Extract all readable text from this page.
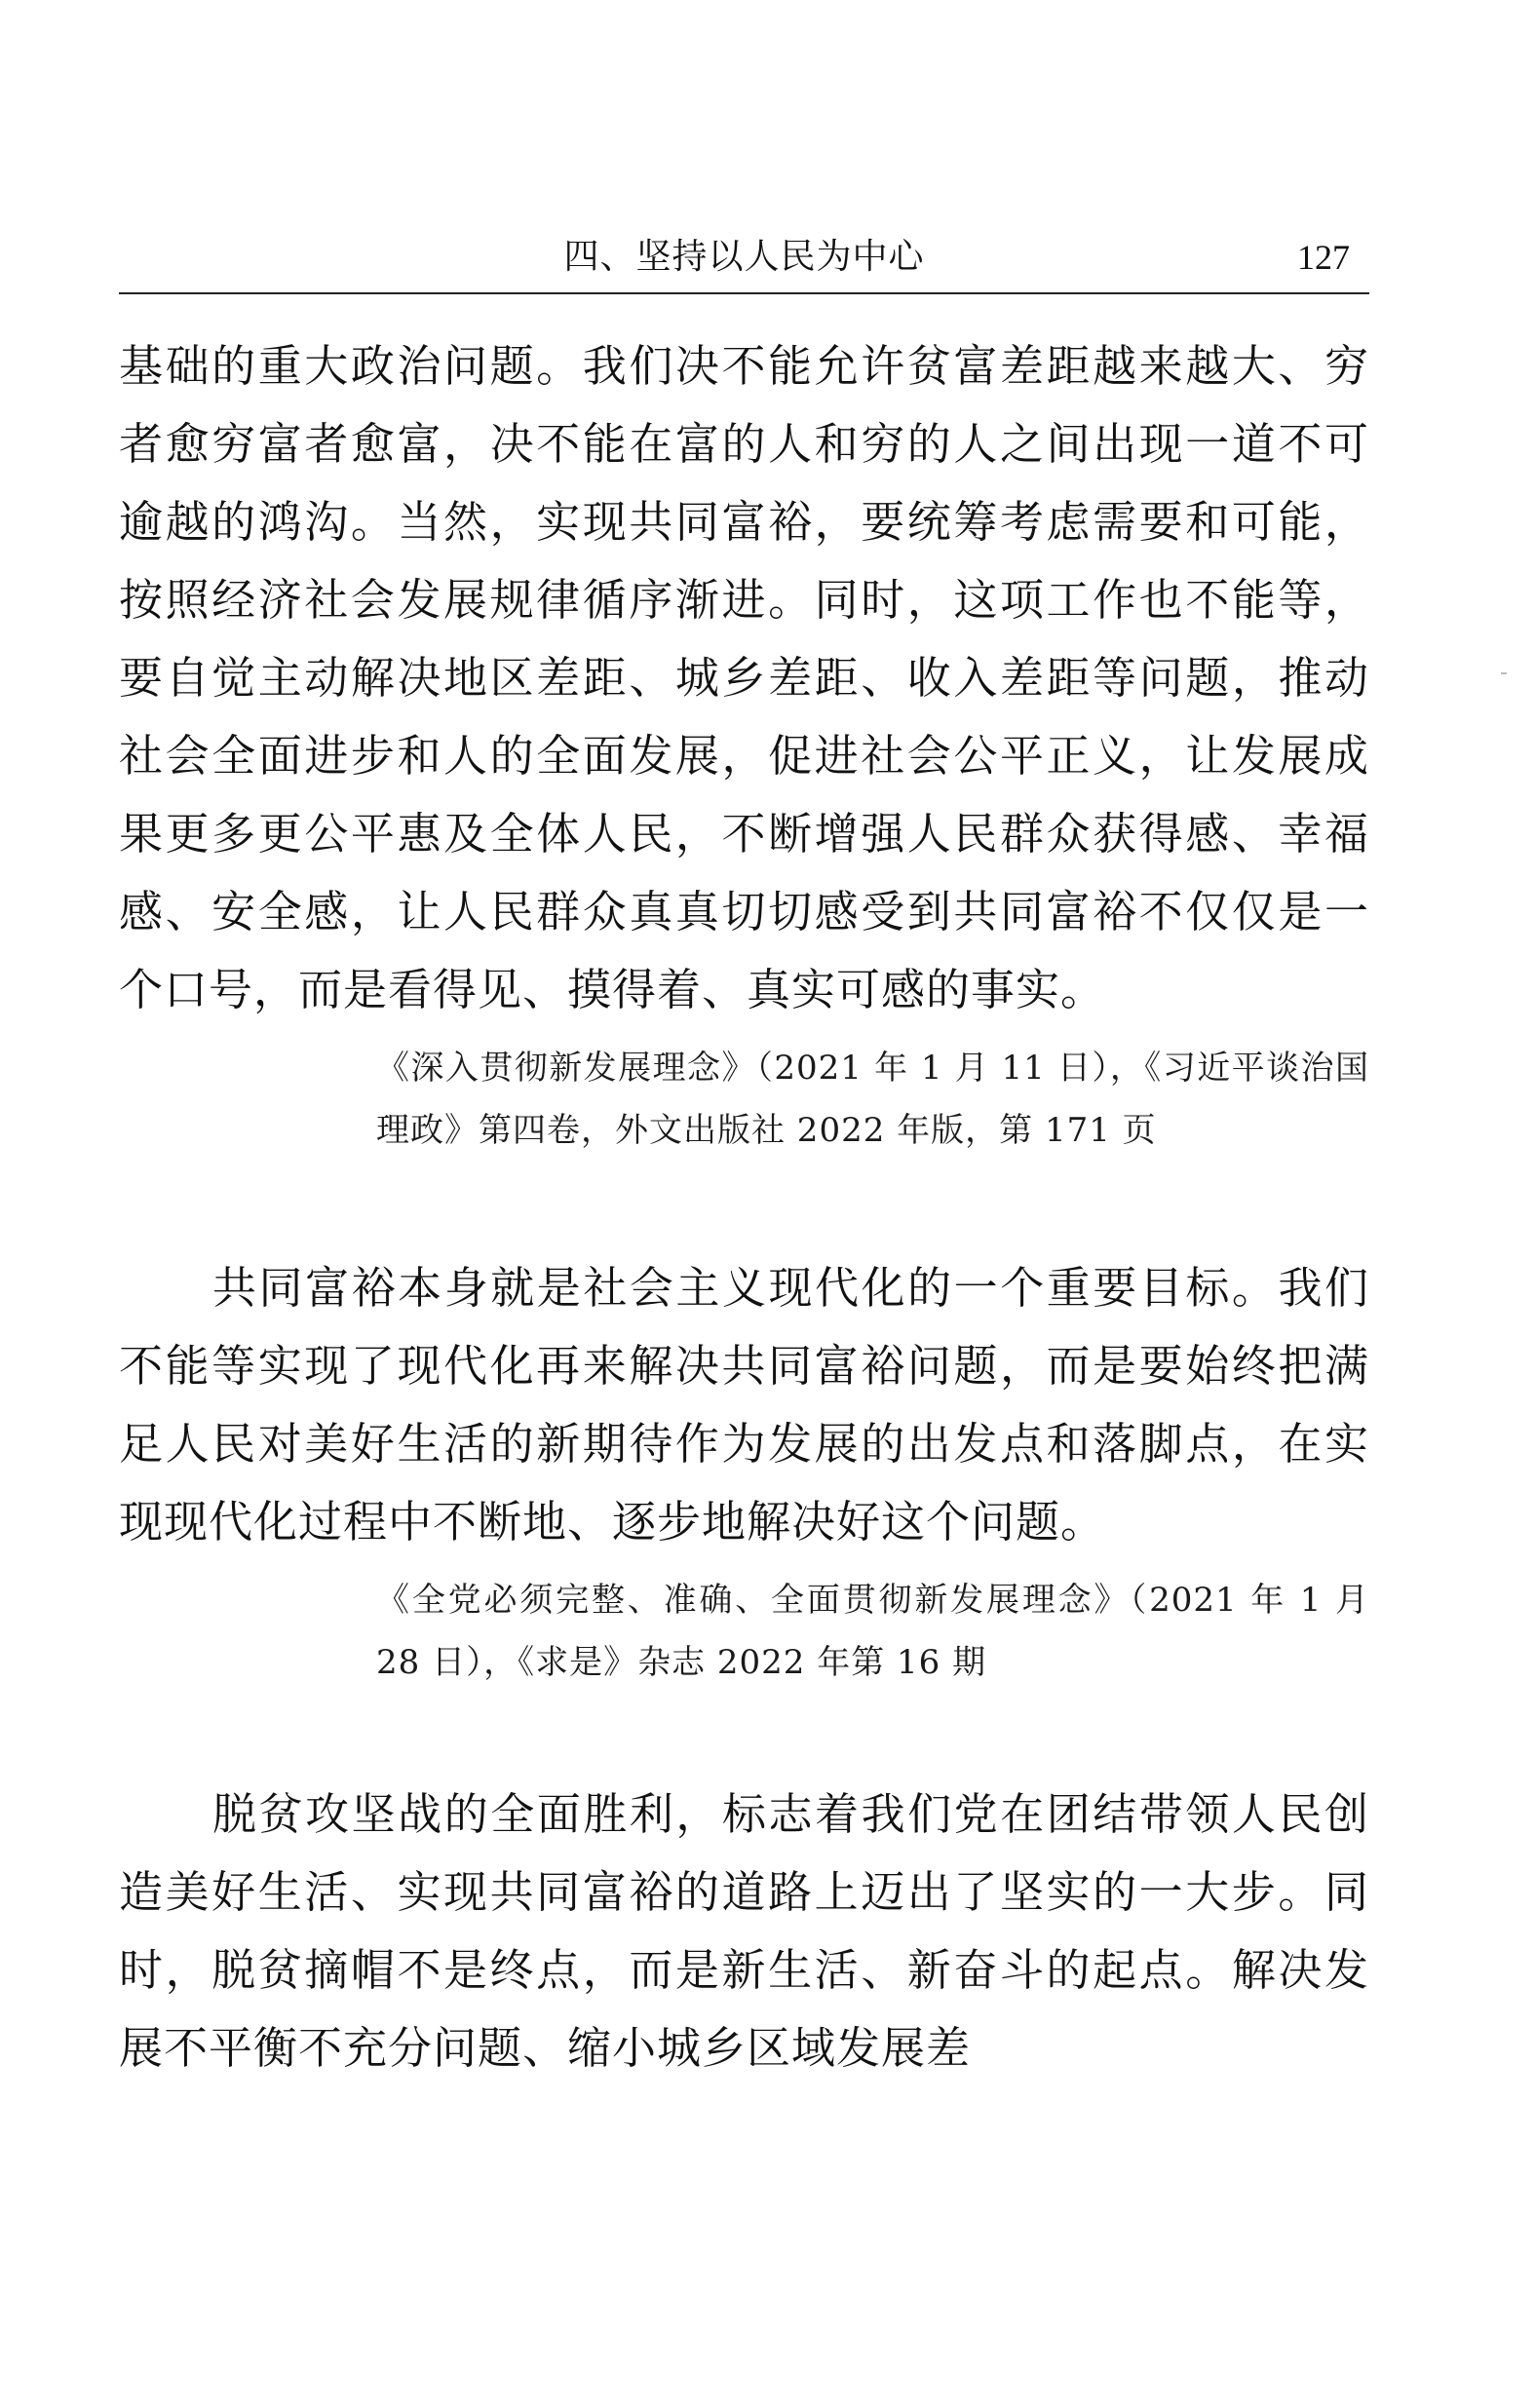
四、坚持以人民为中心	127

基础的重大政治问题。我们决不能允许贫富差距越来越大、穷者愈穷富者愈富，决不能在富的人和穷的人之间出现一道不可逾越的鸿沟。当然，实现共同富裕，要统筹考虑需要和可能，按照经济社会发展规律循序渐进。同时，这项工作也不能等，要自觉主动解决地区差距、城乡差距、收入差距等问题，推动社会全面进步和人的全面发展，促进社会公平正义，让发展成果更多更公平惠及全体人民，不断增强人民群众获得感、幸福感、安全感，让人民群众真真切切感受到共同富裕不仅仅是一个口号，而是看得见、摸得着、真实可感的事实。

《深入贯彻新发展理念》（2021 年 1 月 11 日），《习近平谈治国理政》第四卷，外文出版社 2022 年版，第 171 页

共同富裕本身就是社会主义现代化的一个重要目标。我们不能等实现了现代化再来解决共同富裕问题，而是要始终把满足人民对美好生活的新期待作为发展的出发点和落脚点，在实现现代化过程中不断地、逐步地解决好这个问题。

《全党必须完整、准确、全面贯彻新发展理念》（2021 年 1 月 28 日），《求是》杂志 2022 年第 16 期

脱贫攻坚战的全面胜利，标志着我们党在团结带领人民创造美好生活、实现共同富裕的道路上迈出了坚实的一大步。同时，脱贫摘帽不是终点，而是新生活、新奋斗的起点。解决发展不平衡不充分问题、缩小城乡区域发展差
